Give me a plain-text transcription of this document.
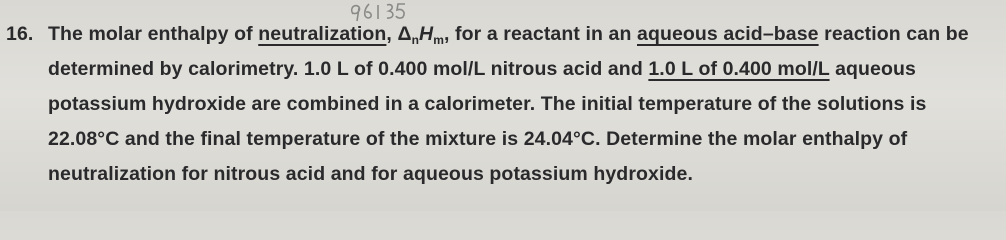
16. The molar enthalpy of neutralization, $\Delta_nH_m$, for a reactant in an aqueous acid–base reaction can be
determined by calorimetry. 1.0 L of 0.400 mol/L nitrous acid and 1.0 L of 0.400 mol/L aqueous
potassium hydroxide are combined in a calorimeter. The initial temperature of the solutions is
22.08°C and the final temperature of the mixture is 24.04°C. Determine the molar enthalpy of
neutralization for nitrous acid and for aqueous potassium hydroxide.
